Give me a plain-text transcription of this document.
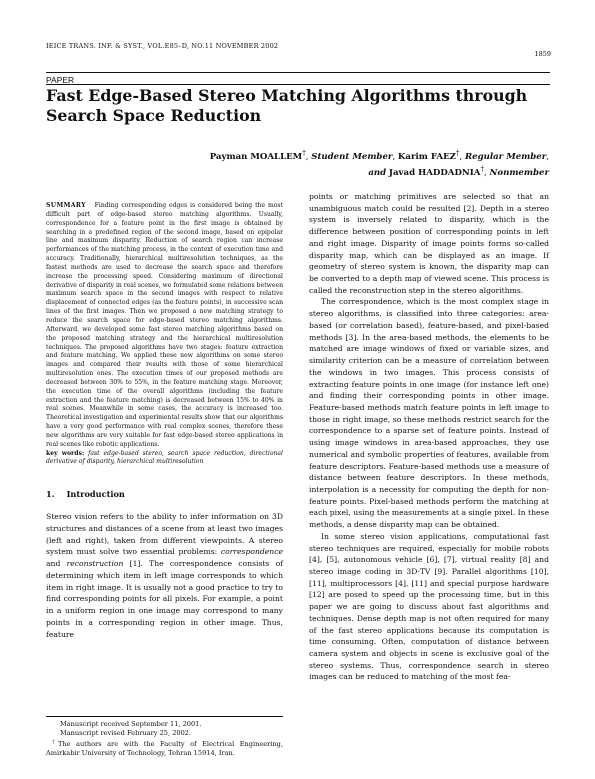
IEICE TRANS. INF. & SYST., VOL.E85–D, NO.11 NOVEMBER 2002
1859
PAPER
Fast Edge-Based Stereo Matching Algorithms through Search Space Reduction
Payman MOALLEM†, Student Member, Karim FAEZ†, Regular Member,
and Javad HADDADNIA†, Nonmember

SUMMARY Finding corresponding edges is considered being the most difficult part of edge-based stereo matching algorithms. Usually, correspondence for a feature point in the first image is obtained by searching in a predefined region of the second image, based on epipolar line and maximum disparity. Reduction of search region can increase performances of the matching process, in the context of execution time and accuracy. Traditionally, hierarchical multiresolution techniques, as the fastest methods are used to decrease the search space and therefore increase the processing speed. Considering maximum of directional derivative of disparity in real scenes, we formulated some relations between maximum search space in the second images with respect to relative displacement of connected edges (as the feature points), in successive scan lines of the first images. Then we proposed a new matching strategy to reduce the search space for edge-based stereo matching algorithms. Afterward, we developed some fast stereo matching algorithms based on the proposed matching strategy and the hierarchical multiresolution techniques. The proposed algorithms have two stages: feature extraction and feature matching. We applied these new algorithms on some stereo images and compared their results with those of some hierarchical multiresolution ones. The execution times of our proposed methods are decreased between 30% to 55%, in the feature matching stage. Moreover, the execution time of the overall algorithms (including the feature extraction and the feature matching) is decreased between 15% to 40% in real scenes. Meanwhile in some cases, the accuracy is increased too. Theoretical investigation and experimental results show that our algorithms have a very good performance with real complex scenes, therefore these new algorithms are very suitable for fast edge-based stereo applications in real scenes like robotic applications.

key words: fast edge-based stereo, search space reduction, directional derivative of disparity, hierarchical multiresolution

1. Introduction

Stereo vision refers to the ability to infer information on 3D structures and distances of a scene from at least two images (left and right), taken from different viewpoints. A stereo system must solve two essential problems: correspondence and reconstruction [1]. The correspondence consists of determining which item in left image corresponds to which item in right image. It is usually not a good practice to try to find corresponding points for all pixels. For example, a point in a uniform region in one image may correspond to many points in a corresponding region in other image. Thus, feature

Manuscript received September 11, 2001.

Manuscript revised February 25, 2002.

†The authors are with the Faculty of Electrical Engineering, Amirkabir University of Technology, Tehran 15914, Iran.

points or matching primitives are selected so that an unambiguous match could be resulted [2]. Depth in a stereo system is inversely related to disparity, which is the difference between position of corresponding points in left and right image. Disparity of image points forms so-called disparity map, which can be displayed as an image. If geometry of stereo system is known, the disparity map can be converted to a depth map of viewed scene. This process is called the reconstruction step in the stereo algorithms.

The correspondence, which is the most complex stage in stereo algorithms, is classified into three categories: area-based (or correlation based), feature-based, and pixel-based methods [3]. In the area-based methods, the elements to be matched are image windows of fixed or variable sizes, and similarity criterion can be a measure of correlation between the windows in two images. This process consists of extracting feature points in one image (for instance left one) and finding their corresponding points in other image. Feature-based methods match feature points in left image to those in right image, so these methods restrict search for the correspondence to a sparse set of feature points. Instead of using image windows in area-based approaches, they use numerical and symbolic properties of features, available from feature descriptors. Feature-based methods use a measure of distance between feature descriptors. In these methods, interpolation is a necessity for computing the depth for non-feature points. Pixel-based methods perform the matching at each pixel, using the measurements at a single pixel. In these methods, a dense disparity map can be obtained.

In some stereo vision applications, computational fast stereo techniques are required, especially for mobile robots [4], [5], autonomous vehicle [6], [7], virtual reality [8] and stereo image coding in 3D-TV [9]. Parallel algorithms [10], [11], multiprocessors [4], [11] and special purpose hardware [12] are posed to speed up the processing time, but in this paper we are going to discuss about fast algorithms and techniques. Dense depth map is not often required for many of the fast stereo applications because its computation is time consuming. Often, computation of distance between camera system and objects in scene is exclusive goal of the stereo systems. Thus, correspondence search in stereo images can be reduced to matching of the most fea-
